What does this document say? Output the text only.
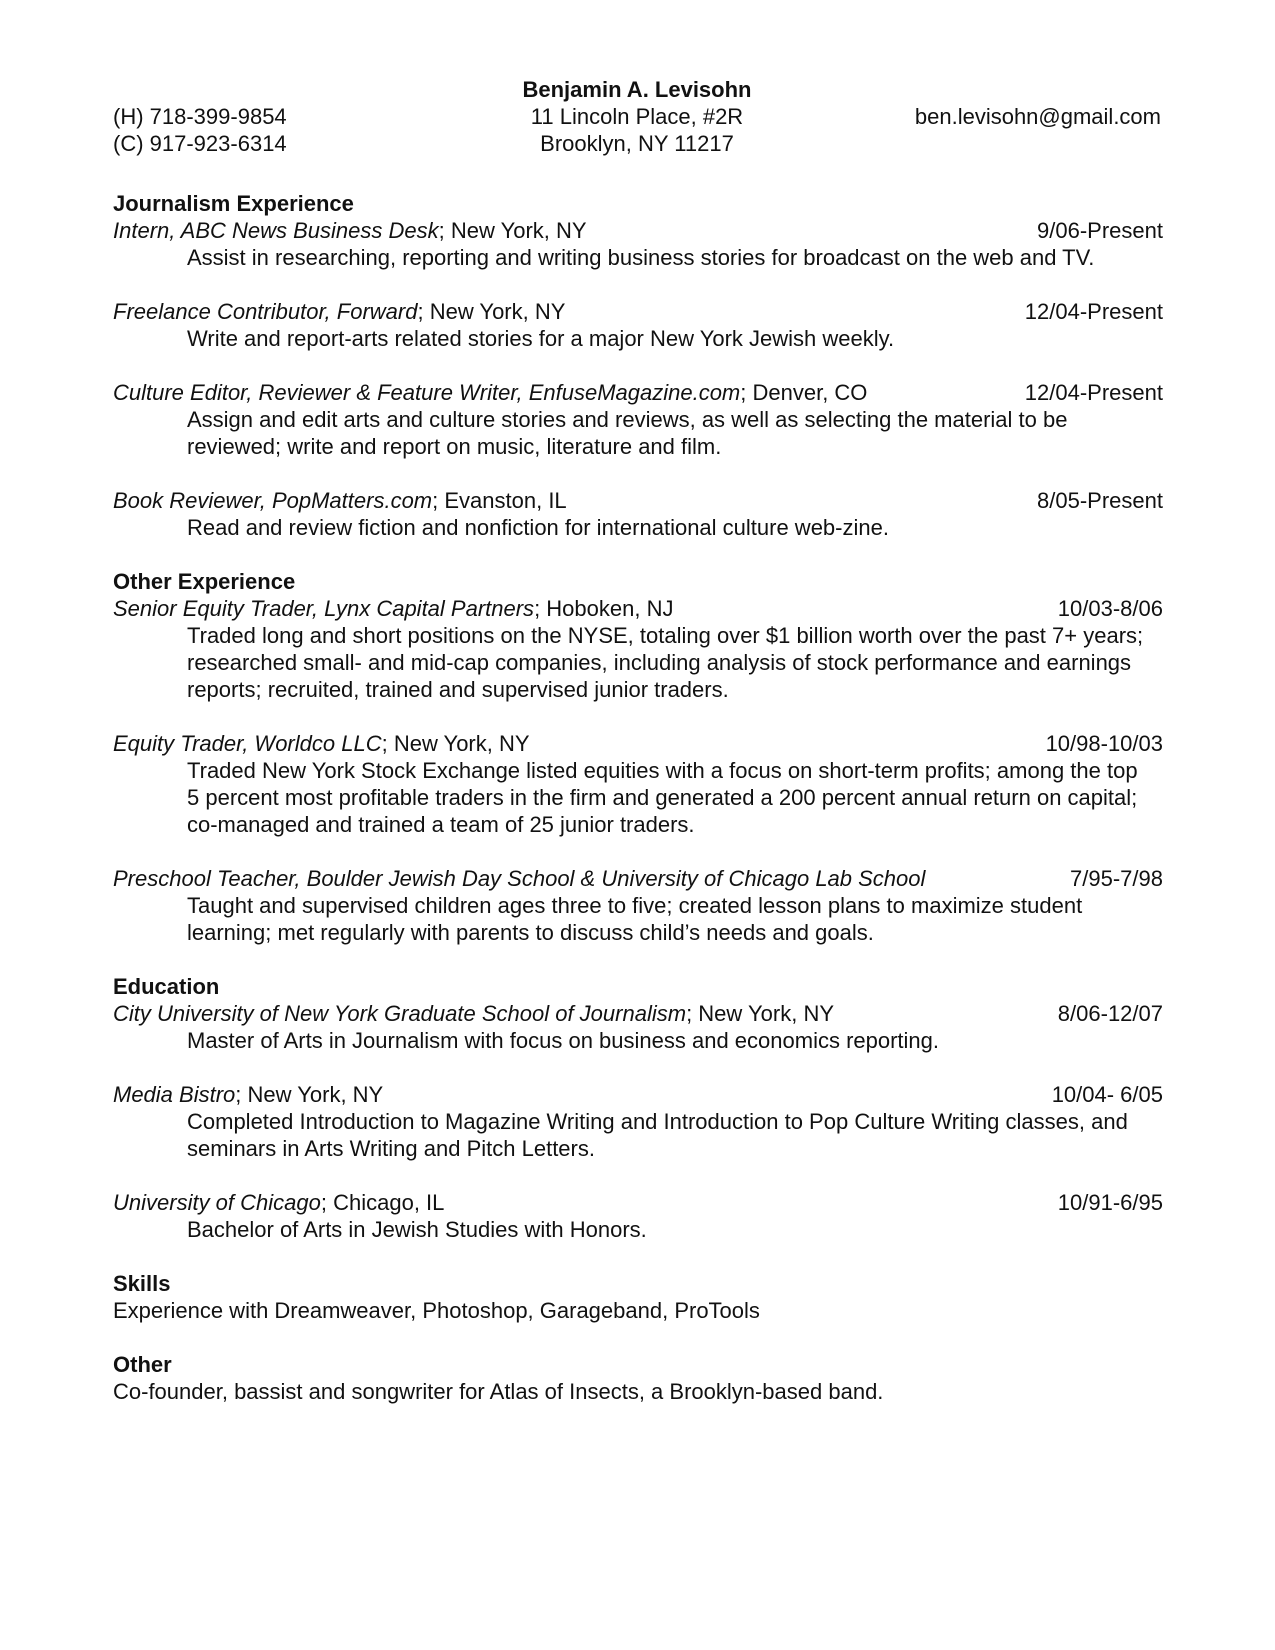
Benjamin A. Levisohn
(H) 718-399-9854
(C) 917-923-6314
11 Lincoln Place, #2R
Brooklyn, NY 11217
ben.levisohn@gmail.com
Journalism Experience
Intern, ABC News Business Desk; New York, NY	9/06-Present
Assist in researching, reporting and writing business stories for broadcast on the web and TV.
Freelance Contributor, Forward; New York, NY	12/04-Present
Write and report-arts related stories for a major New York Jewish weekly.
Culture Editor, Reviewer & Feature Writer, EnfuseMagazine.com; Denver, CO	12/04-Present
Assign and edit arts and culture stories and reviews, as well as selecting the material to be reviewed; write and report on music, literature and film.
Book Reviewer, PopMatters.com; Evanston, IL	8/05-Present
Read and review fiction and nonfiction for international culture web-zine.
Other Experience
Senior Equity Trader, Lynx Capital Partners; Hoboken, NJ	10/03-8/06
Traded long and short positions on the NYSE, totaling over $1 billion worth over the past 7+ years; researched small- and mid-cap companies, including analysis of stock performance and earnings reports; recruited, trained and supervised junior traders.
Equity Trader, Worldco LLC; New York, NY	10/98-10/03
Traded New York Stock Exchange listed equities with a focus on short-term profits; among the top 5 percent most profitable traders in the firm and generated a 200 percent annual return on capital; co-managed and trained a team of 25 junior traders.
Preschool Teacher, Boulder Jewish Day School & University of Chicago Lab School	7/95-7/98
Taught and supervised children ages three to five; created lesson plans to maximize student learning; met regularly with parents to discuss child’s needs and goals.
Education
City University of New York Graduate School of Journalism; New York, NY	8/06-12/07
Master of Arts in Journalism with focus on business and economics reporting.
Media Bistro; New York, NY	10/04- 6/05
Completed Introduction to Magazine Writing and Introduction to Pop Culture Writing classes, and seminars in Arts Writing and Pitch Letters.
University of Chicago; Chicago, IL	10/91-6/95
Bachelor of Arts in Jewish Studies with Honors.
Skills
Experience with Dreamweaver, Photoshop, Garageband, ProTools
Other
Co-founder, bassist and songwriter for Atlas of Insects, a Brooklyn-based band.
